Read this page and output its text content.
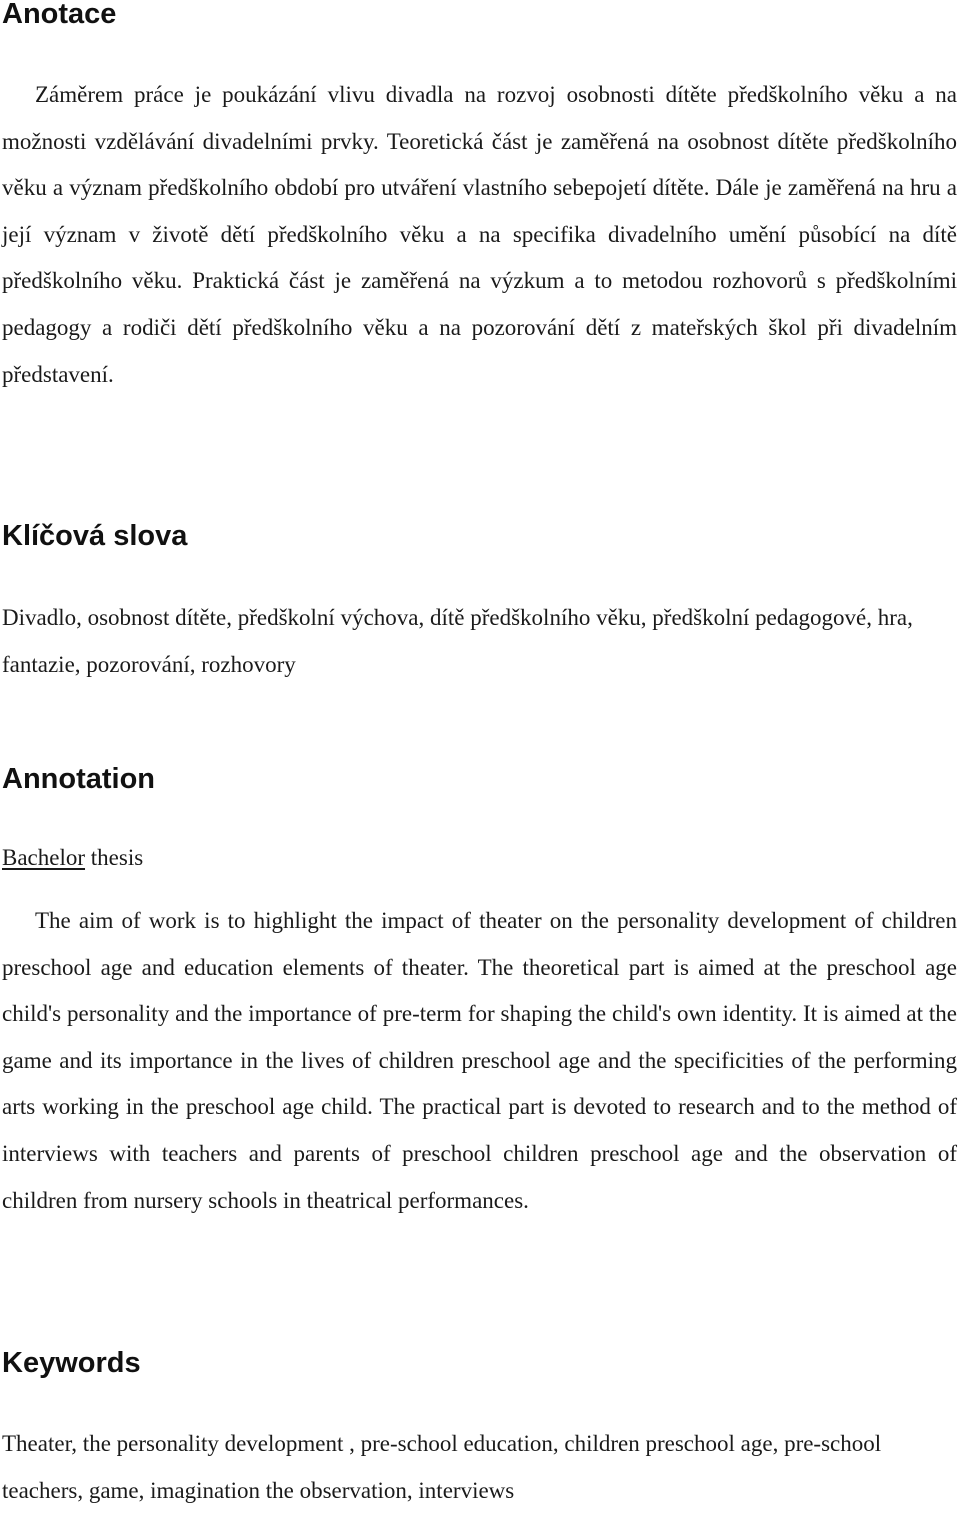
Anotace

Záměrem práce je poukázání vlivu divadla na rozvoj osobnosti dítěte předškolního věku a na možnosti vzdělávání divadelními prvky. Teoretická část je zaměřená na osobnost dítěte předškolního věku a význam předškolního období pro utváření vlastního sebepojetí dítěte. Dále je zaměřená na hru a její význam v životě dětí předškolního věku a na specifika divadelního umění působící na dítě předškolního věku. Praktická část je zaměřená na výzkum a to metodou rozhovorů s předškolními pedagogy a rodiči dětí předškolního věku a na pozorování dětí z mateřských škol při divadelním představení.

Klíčová slova

Divadlo, osobnost dítěte, předškolní výchova, dítě předškolního věku, předškolní pedagogové, hra, fantazie, pozorování, rozhovory

Annotation

Bachelor thesis

The aim of work is to highlight the impact of theater on the personality development of children preschool age and education elements of theater. The theoretical part is aimed at the preschool age child's personality and the importance of pre-term for shaping the child's own identity. It is aimed at the game and its importance in the lives of children preschool age and the specificities of the performing arts working in the preschool age child. The practical part is devoted to research and to the method of interviews with teachers and parents of preschool children preschool age and the observation of children from nursery schools in theatrical performances.

Keywords

Theater, the personality development , pre-school education, children preschool age, pre-school teachers, game, imagination the observation, interviews
